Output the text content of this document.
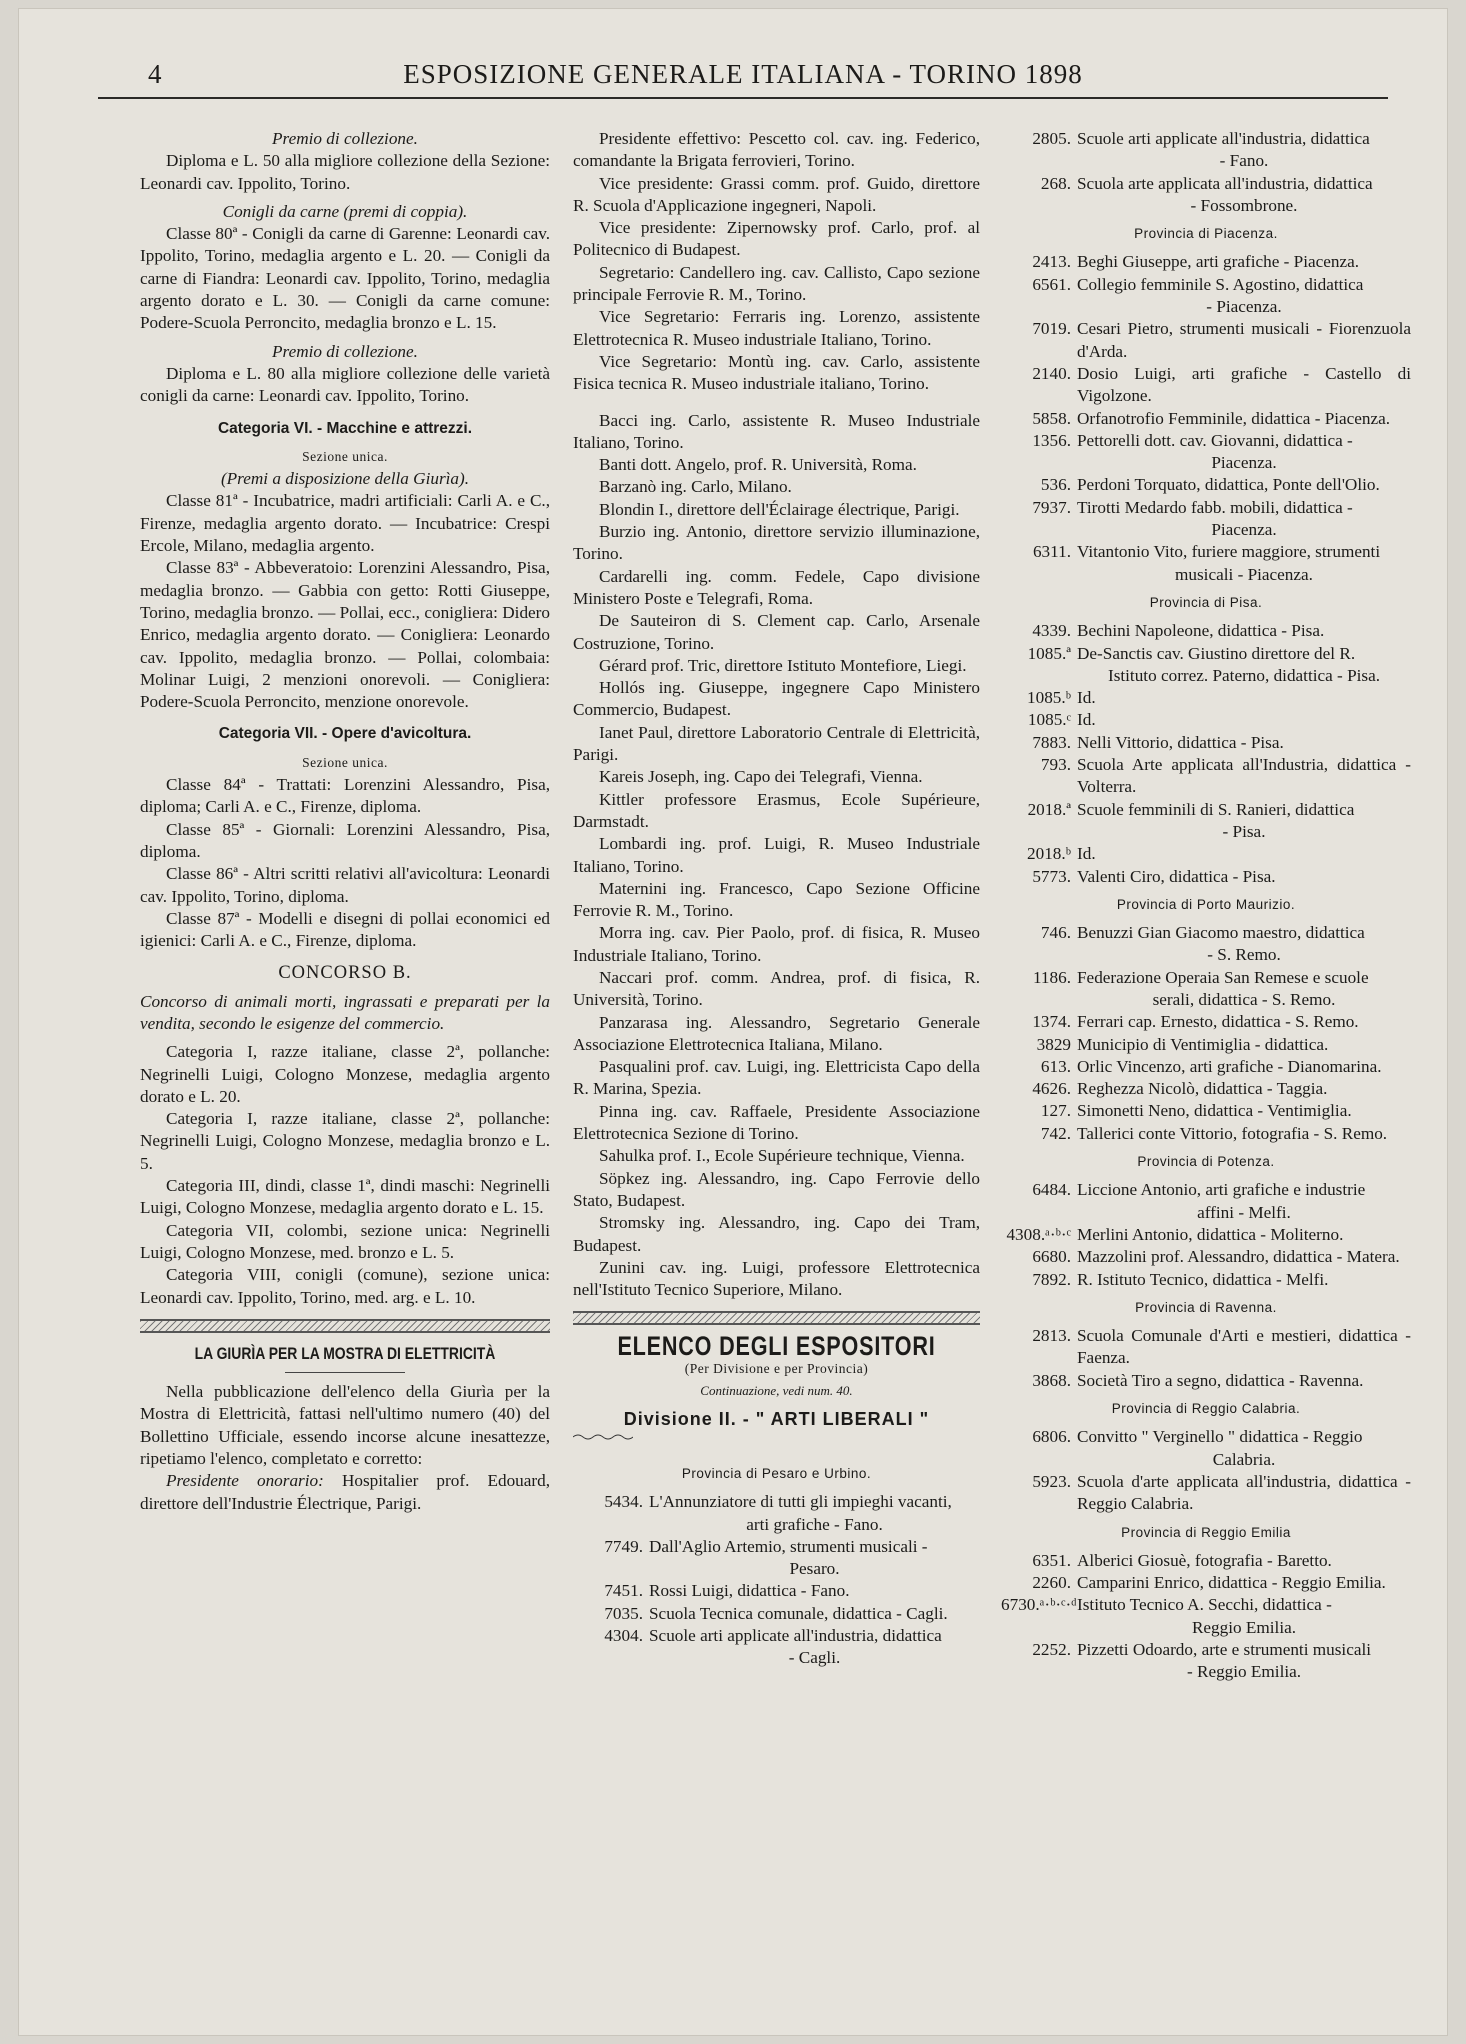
4	ESPOSIZIONE GENERALE ITALIANA - TORINO 1898

Premio di collezione.

Diploma e L. 50 alla migliore collezione della Sezione: Leonardi cav. Ippolito, Torino.

Conigli da carne (premi di coppia).

Classe 80ª - Conigli da carne di Garenne: Leonardi cav. Ippolito, Torino, medaglia argento e L. 20. — Conigli da carne di Fiandra: Leonardi cav. Ippolito, Torino, medaglia argento dorato e L. 30. — Conigli da carne comune: Podere-Scuola Perroncito, medaglia bronzo e L. 15.

Premio di collezione.

Diploma e L. 80 alla migliore collezione delle varietà conigli da carne: Leonardi cav. Ippolito, Torino.

Categoria VI. - Macchine e attrezzi.

Sezione unica.

(Premi a disposizione della Giurìa).

Classe 81ª - Incubatrice, madri artificiali: Carli A. e C., Firenze, medaglia argento dorato. — Incubatrice: Crespi Ercole, Milano, medaglia argento.

Classe 83ª - Abbeveratoio: Lorenzini Alessandro, Pisa, medaglia bronzo. — Gabbia con getto: Rotti Giuseppe, Torino, medaglia bronzo. — Pollai, ecc., conigliera: Didero Enrico, medaglia argento dorato. — Conigliera: Leonardo cav. Ippolito, medaglia bronzo. — Pollai, colombaia: Molinar Luigi, 2 menzioni onorevoli. — Conigliera: Podere-Scuola Perroncito, menzione onorevole.

Categoria VII. - Opere d'avicoltura.

Sezione unica.

Classe 84ª - Trattati: Lorenzini Alessandro, Pisa, diploma; Carli A. e C., Firenze, diploma.

Classe 85ª - Giornali: Lorenzini Alessandro, Pisa, diploma.

Classe 86ª - Altri scritti relativi all'avicoltura: Leonardi cav. Ippolito, Torino, diploma.

Classe 87ª - Modelli e disegni di pollai economici ed igienici: Carli A. e C., Firenze, diploma.

CONCORSO B.

Concorso di animali morti, ingrassati e preparati per la vendita, secondo le esigenze del commercio.

Categoria I, razze italiane, classe 2ª, pollanche: Negrinelli Luigi, Cologno Monzese, medaglia argento dorato e L. 20.

Categoria I, razze italiane, classe 2ª, pollanche: Negrinelli Luigi, Cologno Monzese, medaglia bronzo e L. 5.

Categoria III, dindi, classe 1ª, dindi maschi: Negrinelli Luigi, Cologno Monzese, medaglia argento dorato e L. 15.

Categoria VII, colombi, sezione unica: Negrinelli Luigi, Cologno Monzese, med. bronzo e L. 5.

Categoria VIII, conigli (comune), sezione unica: Leonardi cav. Ippolito, Torino, med. arg. e L. 10.

LA GIURÌA PER LA MOSTRA DI ELETTRICITÀ

Nella pubblicazione dell'elenco della Giurìa per la Mostra di Elettricità, fattasi nell'ultimo numero (40) del Bollettino Ufficiale, essendo incorse alcune inesattezze, ripetiamo l'elenco, completato e corretto:

Presidente onorario: Hospitalier prof. Edouard, direttore dell'Industrie Électrique, Parigi.

Presidente effettivo: Pescetto col. cav. ing. Federico, comandante la Brigata ferrovieri, Torino.

Vice presidente: Grassi comm. prof. Guido, direttore R. Scuola d'Applicazione ingegneri, Napoli.

Vice presidente: Zipernowsky prof. Carlo, prof. al Politecnico di Budapest.

Segretario: Candellero ing. cav. Callisto, Capo sezione principale Ferrovie R. M., Torino.

Vice Segretario: Ferraris ing. Lorenzo, assistente Elettrotecnica R. Museo industriale Italiano, Torino.

Vice Segretario: Montù ing. cav. Carlo, assistente Fisica tecnica R. Museo industriale italiano, Torino.

Bacci ing. Carlo, assistente R. Museo Industriale Italiano, Torino.

Banti dott. Angelo, prof. R. Università, Roma.

Barzanò ing. Carlo, Milano.

Blondin I., direttore dell'Éclairage électrique, Parigi.

Burzio ing. Antonio, direttore servizio illuminazione, Torino.

Cardarelli ing. comm. Fedele, Capo divisione Ministero Poste e Telegrafi, Roma.

De Sauteiron di S. Clement cap. Carlo, Arsenale Costruzione, Torino.

Gérard prof. Tric, direttore Istituto Montefiore, Liegi.

Hollós ing. Giuseppe, ingegnere Capo Ministero Commercio, Budapest.

Ianet Paul, direttore Laboratorio Centrale di Elettricità, Parigi.

Kareis Joseph, ing. Capo dei Telegrafi, Vienna.

Kittler professore Erasmus, Ecole Supérieure, Darmstadt.

Lombardi ing. prof. Luigi, R. Museo Industriale Italiano, Torino.

Maternini ing. Francesco, Capo Sezione Officine Ferrovie R. M., Torino.

Morra ing. cav. Pier Paolo, prof. di fisica, R. Museo Industriale Italiano, Torino.

Naccari prof. comm. Andrea, prof. di fisica, R. Università, Torino.

Panzarasa ing. Alessandro, Segretario Generale Associazione Elettrotecnica Italiana, Milano.

Pasqualini prof. cav. Luigi, ing. Elettricista Capo della R. Marina, Spezia.

Pinna ing. cav. Raffaele, Presidente Associazione Elettrotecnica Sezione di Torino.

Sahulka prof. I., Ecole Supérieure technique, Vienna.

Söpkez ing. Alessandro, ing. Capo Ferrovie dello Stato, Budapest.

Stromsky ing. Alessandro, ing. Capo dei Tram, Budapest.

Zunini cav. ing. Luigi, professore Elettrotecnica nell'Istituto Tecnico Superiore, Milano.

ELENCO DEGLI ESPOSITORI

(Per Divisione e per Provincia)

Continuazione, vedi num. 40.

Divisione II. - " ARTI LIBERALI "

Provincia di Pesaro e Urbino.

5434. L'Annunziatore di tutti gli impieghi vacanti,
arti grafiche - Fano.
7749. Dall'Aglio Artemio, strumenti musicali -
Pesaro.
7451. Rossi Luigi, didattica - Fano.
7035. Scuola Tecnica comunale, didattica - Cagli.
4304. Scuole arti applicate all'industria, didattica
- Cagli.
2805. Scuole arti applicate all'industria, didattica
- Fano.
268. Scuola arte applicata all'industria, didattica
- Fossombrone.

Provincia di Piacenza.

2413. Beghi Giuseppe, arti grafiche - Piacenza.
6561. Collegio femminile S. Agostino, didattica
- Piacenza.
7019. Cesari Pietro, strumenti musicali - Fiorenzuola d'Arda.
2140. Dosio Luigi, arti grafiche - Castello di Vigolzone.
5858. Orfanotrofio Femminile, didattica - Piacenza.
1356. Pettorelli dott. cav. Giovanni, didattica -
Piacenza.
536. Perdoni Torquato, didattica, Ponte dell'Olio.
7937. Tirotti Medardo fabb. mobili, didattica -
Piacenza.
6311. Vitantonio Vito, furiere maggiore, strumenti
musicali - Piacenza.

Provincia di Pisa.

4339. Bechini Napoleone, didattica - Pisa.
1085.ª De-Sanctis cav. Giustino direttore del R.
Istituto correz. Paterno, didattica - Pisa.
1085.ᵇ Id.
1085.ᶜ Id.
7883. Nelli Vittorio, didattica - Pisa.
793. Scuola Arte applicata all'Industria, didattica - Volterra.
2018.ª Scuole femminili di S. Ranieri, didattica
- Pisa.
2018.ᵇ Id.
5773. Valenti Ciro, didattica - Pisa.

Provincia di Porto Maurizio.

746. Benuzzi Gian Giacomo maestro, didattica
- S. Remo.
1186. Federazione Operaia San Remese e scuole
serali, didattica - S. Remo.
1374. Ferrari cap. Ernesto, didattica - S. Remo.
3829 Municipio di Ventimiglia - didattica.
613. Orlic Vincenzo, arti grafiche - Dianomarina.
4626. Reghezza Nicolò, didattica - Taggia.
127. Simonetti Neno, didattica - Ventimiglia.
742. Tallerici conte Vittorio, fotografia - S. Remo.

Provincia di Potenza.

6484. Liccione Antonio, arti grafiche e industrie
affini - Melfi.
4308.ᵃ·ᵇ·ᶜ Merlini Antonio, didattica - Moliterno.
6680. Mazzolini prof. Alessandro, didattica - Matera.
7892. R. Istituto Tecnico, didattica - Melfi.

Provincia di Ravenna.

2813. Scuola Comunale d'Arti e mestieri, didattica - Faenza.
3868. Società Tiro a segno, didattica - Ravenna.

Provincia di Reggio Calabria.

6806. Convitto " Verginello " didattica - Reggio
Calabria.
5923. Scuola d'arte applicata all'industria, didattica - Reggio Calabria.

Provincia di Reggio Emilia

6351. Alberici Giosuè, fotografia - Baretto.
2260. Camparini Enrico, didattica - Reggio Emilia.
6730.ᵃ·ᵇ·ᶜ·ᵈ Istituto Tecnico A. Secchi, didattica -
Reggio Emilia.
2252. Pizzetti Odoardo, arte e strumenti musicali
- Reggio Emilia.
